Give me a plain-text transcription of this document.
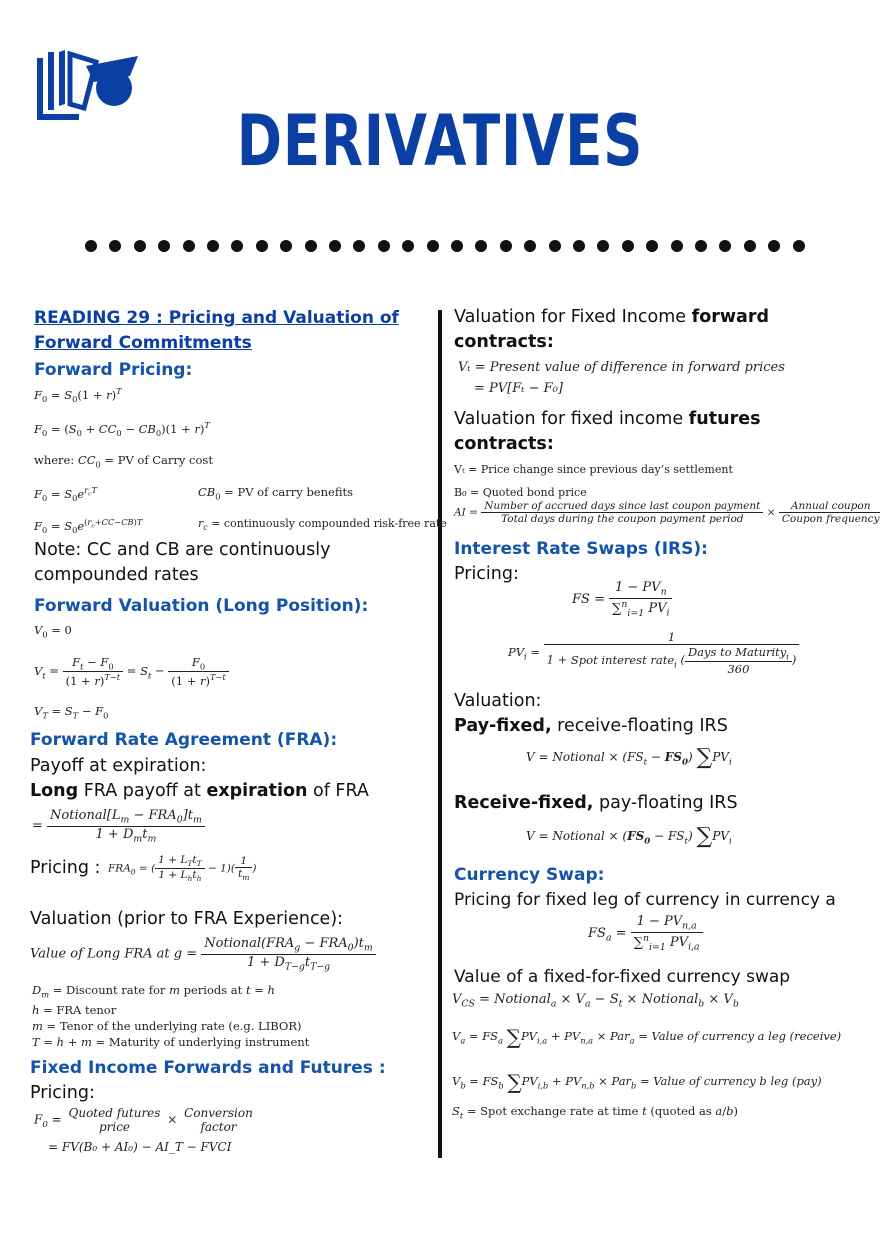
DERIVATIVES
READING 29 : Pricing and Valuation of Forward Commitments
Forward Pricing:
$F_0 = S_0(1 + r)^T$
$F_0 = (S_0 + CC_0 - CB_0)(1 + r)^T$
where: $CC_0$ = PV of Carry cost
$F_0 = S_0e^{r_cT}$	$CB_0$ = PV of carry benefits
$F_0 = S_0e^{(r_c+CC-CB)T}$	$r_c$ = continuously compounded risk-free rate
Note: CC and CB are continuously compounded rates
Forward Valuation (Long Position):
$V_0 = 0$
$V_t = \frac{F_t - F_0}{(1 + r)^{T-t}} = S_t - \frac{F_0}{(1 + r)^{T-t}}$
$V_T = S_T - F_0$
Forward Rate Agreement (FRA):
Payoff at expiration:
Long FRA payoff at expiration of FRA
= $\frac{Notional[L_m - FRA_0]t_m}{1 + D_mt_m}$
Pricing : $FRA_0$ = ( $\frac{1 + L_Tt_T}{1 + L_ht_h} - 1)( \frac{1}{t_m}$ )
Valuation (prior to FRA Experience):
Value of Long FRA at $g = \frac{Notional(FRA_g - FRA_0)t_m}{1 + D_{T-g}t_{T-g}}$
$D_m$ = Discount rate for m periods at t = h
h = FRA tenor
m = Tenor of the underlying rate (e.g. LIBOR)
T = h + m = Maturity of underlying instrument
Fixed Income Forwards and Futures :
Pricing:
$F_0$ = Quoted futures
price
× Conversion
factor
= FV(B₀ + AI₀) − AI_T − FVCI
Valuation for Fixed Income forward contracts:
Vₜ = Present value of difference in forward prices
= PV[Fₜ − F₀]
Valuation for fixed income futures contracts:
Vₜ = Price change since previous day’s settlement
B₀ = Quoted bond price
AI = $\frac{\text{Number of accrued days since last coupon payment}}{\text{Total days during the coupon payment period}} \times \frac{\text{Annual coupon}}{\text{Coupon frequency}}$
Interest Rate Swaps (IRS):
Pricing:
FS = $\frac{1 - PV_n}{\sum^n_{i=1} PV_i}$
$PV_i = \frac{1}{1 + Spot interest rate_i ( \frac{Days to Maturity_i}{360} )}$
Valuation:
Pay-fixed, receive-floating IRS
V = Notional × $(FS_t - FS_0)$ $\sum PV_i$
Receive-fixed, pay-floating IRS
V = Notional × $(FS_0 - FS_t)$ $\sum PV_i$
Currency Swap:
Pricing for fixed leg of currency in currency a
$FS_a = \frac{1 - PV_{n,a}}{\sum^n_{i=1} PV_{i,a}}$
Value of a fixed-for-fixed currency swap
$V_{CS}$ = Notional$_a$ × $V_a - S_t$ × Notional$_b$ × $V_b$
$V_a = FS_a$ $\sum PV_{i,a} + PV_{n,a} \times Par_a$ = Value of currency a leg (receive)
$V_b = FS_b$ $\sum PV_{i,b} + PV_{n,b} \times Par_b$ = Value of currency b leg (pay)
$S_t$ = Spot exchange rate at time t (quoted as a/b)
